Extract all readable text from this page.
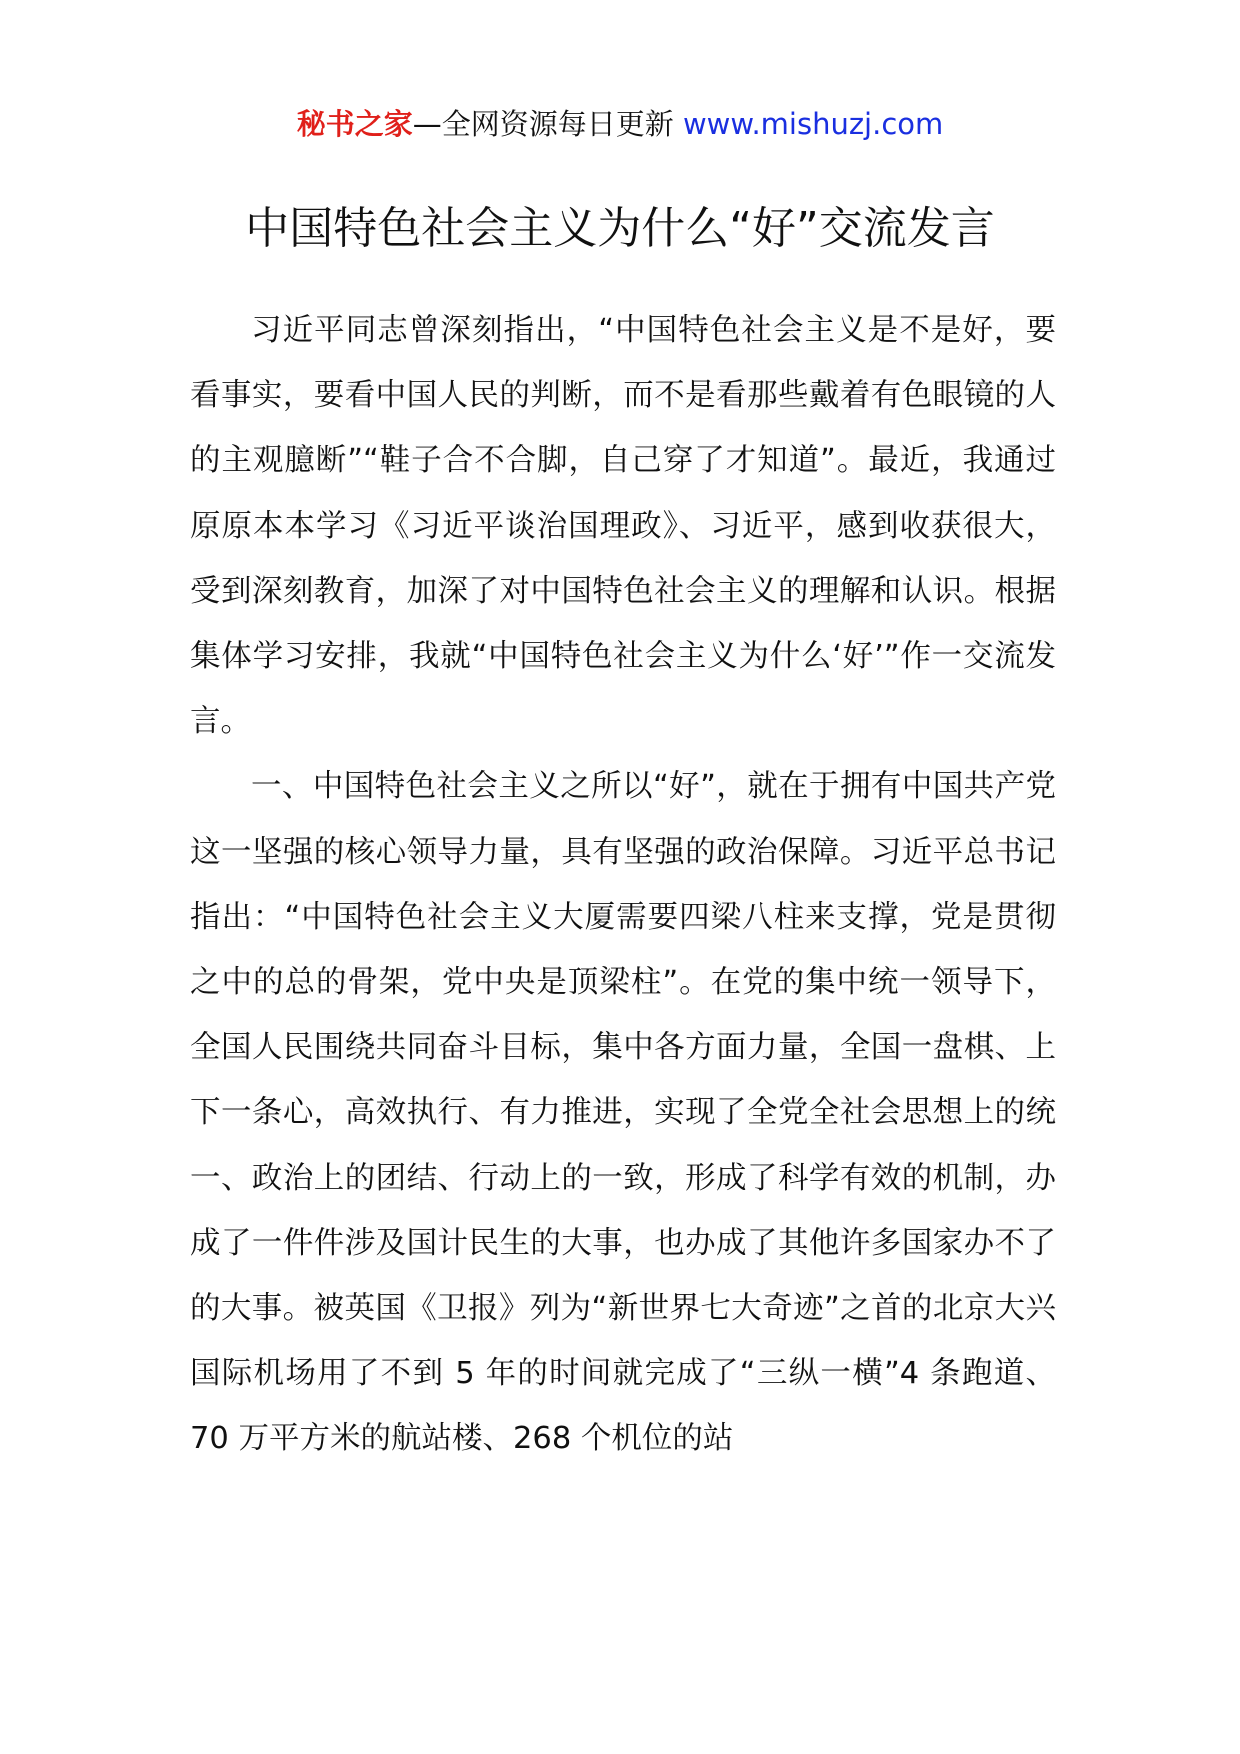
秘书之家—全网资源每日更新 www.mishuzj.com
中国特色社会主义为什么“好”交流发言

习近平同志曾深刻指出，“中国特色社会主义是不是好，要看事实，要看中国人民的判断，而不是看那些戴着有色眼镜的人的主观臆断”“鞋子合不合脚，自己穿了才知道”。最近，我通过原原本本学习《习近平谈治国理政》、习近平，感到收获很大，受到深刻教育，加深了对中国特色社会主义的理解和认识。根据集体学习安排，我就“中国特色社会主义为什么‘好’”作一交流发言。

一、中国特色社会主义之所以“好”，就在于拥有中国共产党这一坚强的核心领导力量，具有坚强的政治保障。习近平总书记指出：“中国特色社会主义大厦需要四梁八柱来支撑，党是贯彻之中的总的骨架，党中央是顶梁柱”。在党的集中统一领导下，全国人民围绕共同奋斗目标，集中各方面力量，全国一盘棋、上下一条心，高效执行、有力推进，实现了全党全社会思想上的统一、政治上的团结、行动上的一致，形成了科学有效的机制，办成了一件件涉及国计民生的大事，也办成了其他许多国家办不了的大事。被英国《卫报》列为“新世界七大奇迹”之首的北京大兴国际机场用了不到 5 年的时间就完成了“三纵一横”4 条跑道、70 万平方米的航站楼、268 个机位的站
